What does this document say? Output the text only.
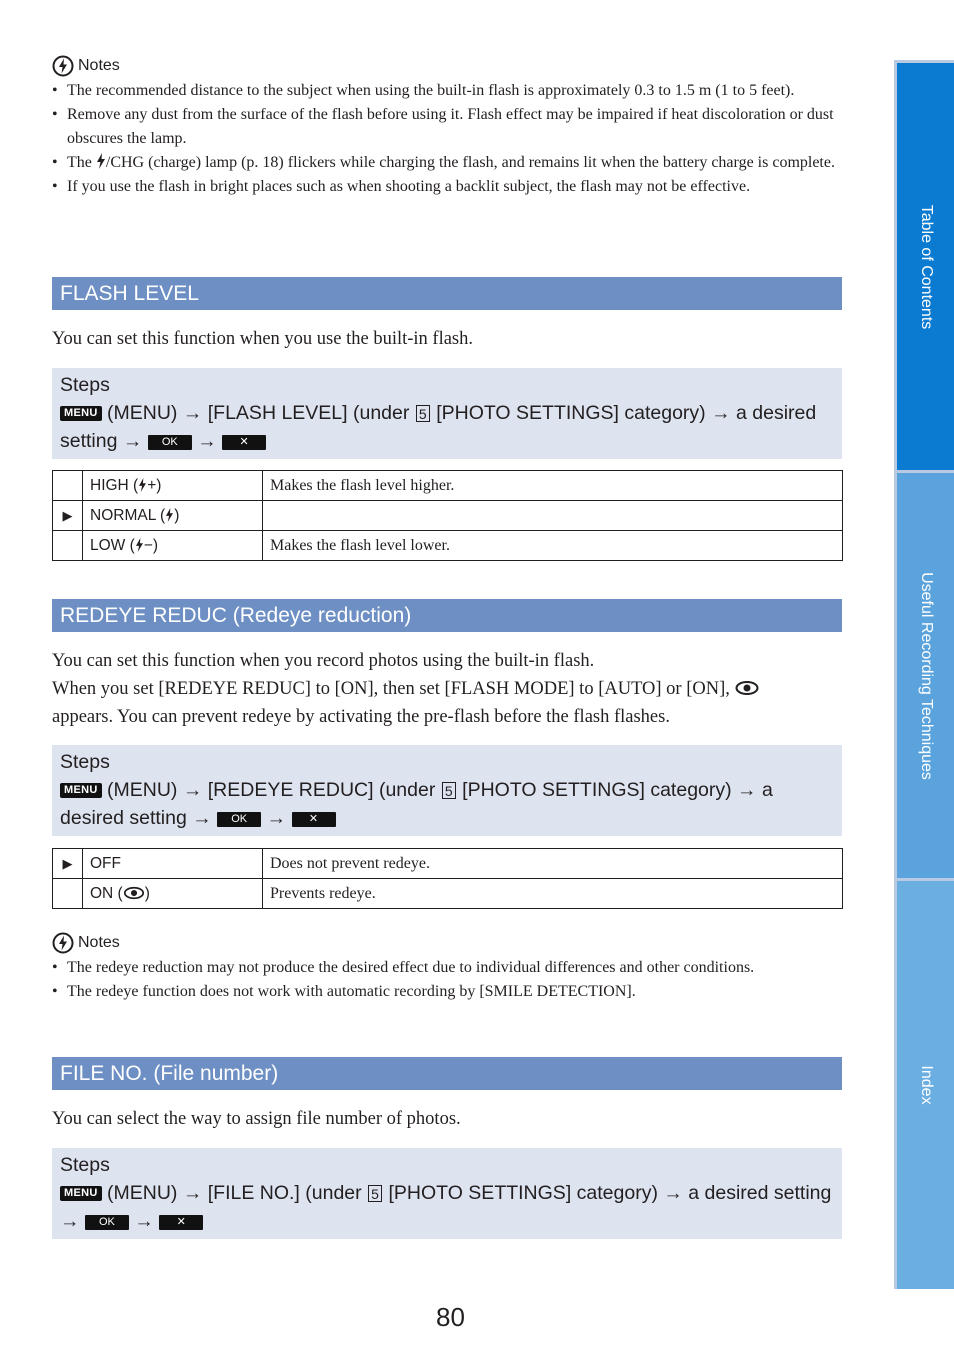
Notes
• The recommended distance to the subject when using the built-in flash is approximately 0.3 to 1.5 m (1 to 5 feet).
• Remove any dust from the surface of the flash before using it. Flash effect may be impaired if heat discoloration or dust obscures the lamp.
• The /CHG (charge) lamp (p. 18) flickers while charging the flash, and remains lit when the battery charge is complete.
• If you use the flash in bright places such as when shooting a backlit subject, the flash may not be effective.
FLASH LEVEL
You can set this function when you use the built-in flash.
Steps
MENU (MENU) → [FLASH LEVEL] (under 5 [PHOTO SETTINGS] category) → a desired setting → OK → ✕
	HIGH ( +)	Makes the flash level higher.
▶	NORMAL ( )	
	LOW ( −)	Makes the flash level lower.
REDEYE REDUC (Redeye reduction)
You can set this function when you record photos using the built-in flash.
When you set [REDEYE REDUC] to [ON], then set [FLASH MODE] to [AUTO] or [ON],
appears. You can prevent redeye by activating the pre-flash before the flash flashes.
Steps
MENU (MENU) → [REDEYE REDUC] (under 5 [PHOTO SETTINGS] category) → a desired setting → OK → ✕
▶	OFF	Does not prevent redeye.
	ON ( )	Prevents redeye.
Notes
• The redeye reduction may not produce the desired effect due to individual differences and other conditions.
• The redeye function does not work with automatic recording by [SMILE DETECTION].
FILE NO. (File number)
You can select the way to assign file number of photos.
Steps
MENU (MENU) → [FILE NO.] (under 5 [PHOTO SETTINGS] category) → a desired setting → OK → ✕
Table of Contents
Useful Recording Techniques
Index
80
